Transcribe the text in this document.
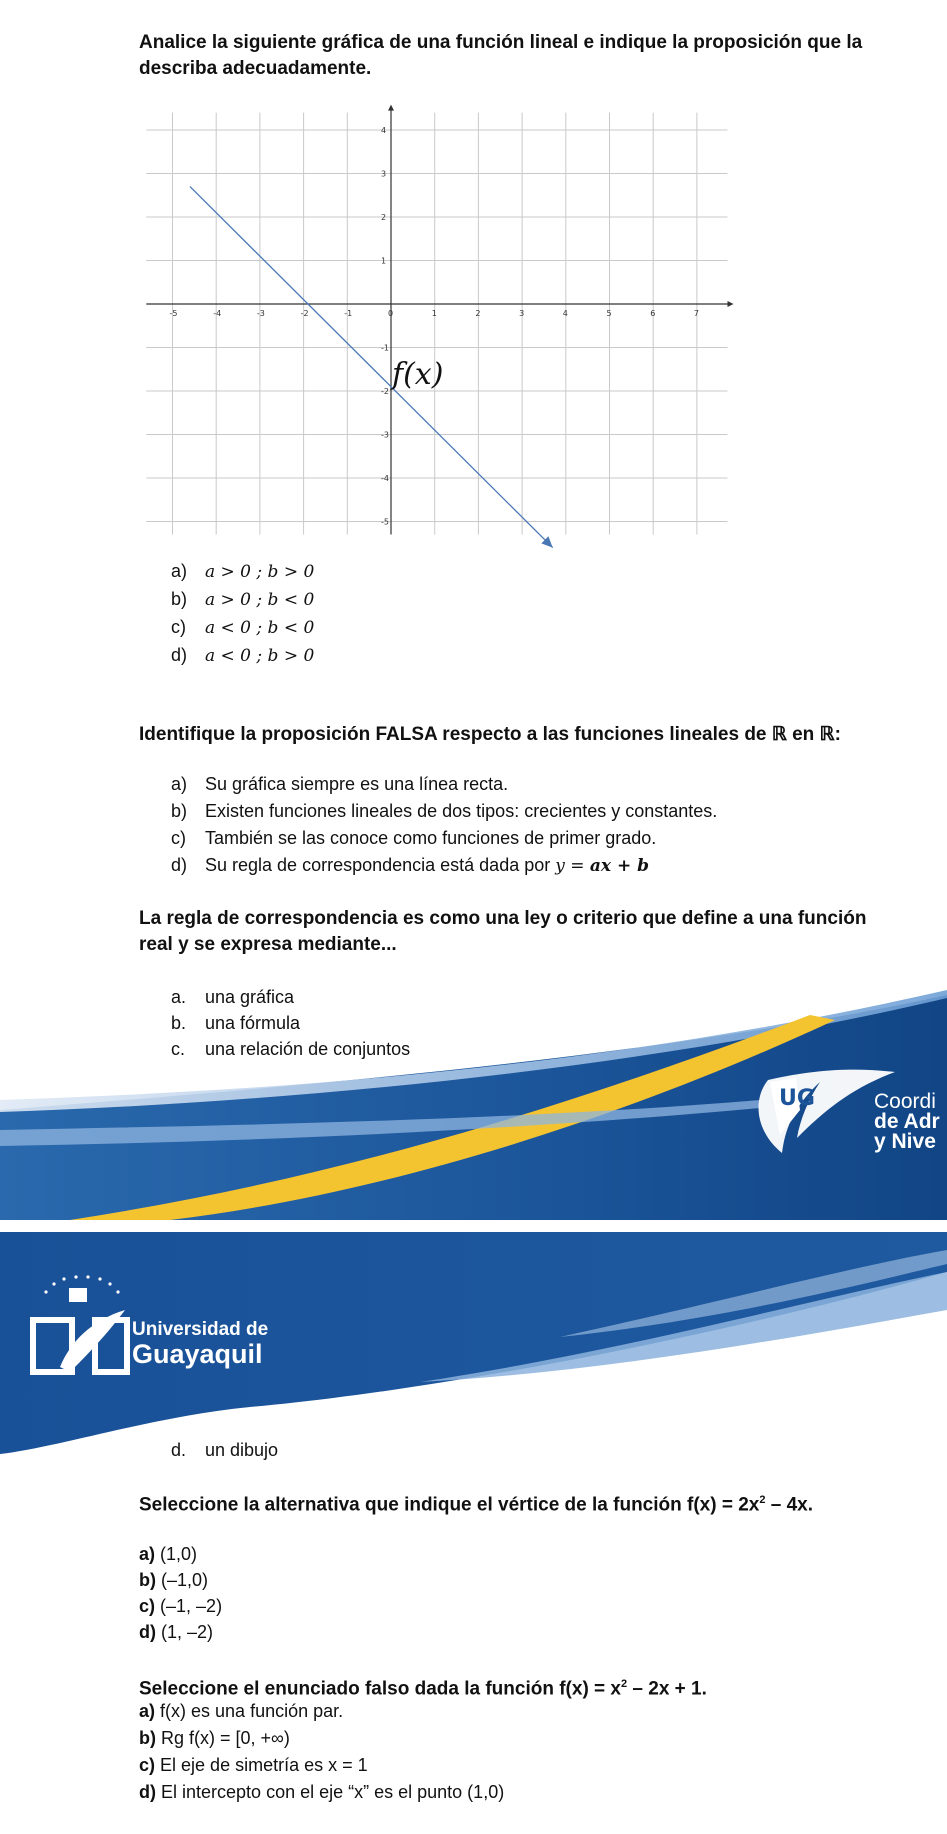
Analice la siguiente gráfica de una función lineal e indique la proposición que la
describa adecuadamente.
-5	-4	-3	-2	-1	0	1	2	3	4	5	6	7
4
3
2
1
-1
-2
-3
-4
-5
f(x)
a) a > 0 ; b > 0
b) a > 0 ; b < 0
c) a < 0 ; b < 0
d) a < 0 ; b > 0
Identifique la proposición FALSA respecto a las funciones lineales de ℝ en ℝ:
a) Su gráfica siempre es una línea recta.
b) Existen funciones lineales de dos tipos: crecientes y constantes.
c) También se las conoce como funciones de primer grado.
d) Su regla de correspondencia está dada por y = ax + b
La regla de correspondencia es como una ley o criterio que define a una función
real y se expresa mediante...
UG	Coordi
de Adr
y Nive
a. una gráfica
b. una fórmula
c. una relación de conjuntos
Universidad de
Guayaquil
d. un dibujo
Seleccione la alternativa que indique el vértice de la función $f(x) = 2x^2 - 4x$.
a) (1,0)
b) (–1,0)
c) (–1, –2)
d) (1, –2)
Seleccione el enunciado falso dada la función $f(x) = x^2 - 2x + 1$.
a) f(x) es una función par.
b) Rg f(x) = [0, +∞)
c) El eje de simetría es x = 1
d) El intercepto con el eje “x” es el punto (1,0)
